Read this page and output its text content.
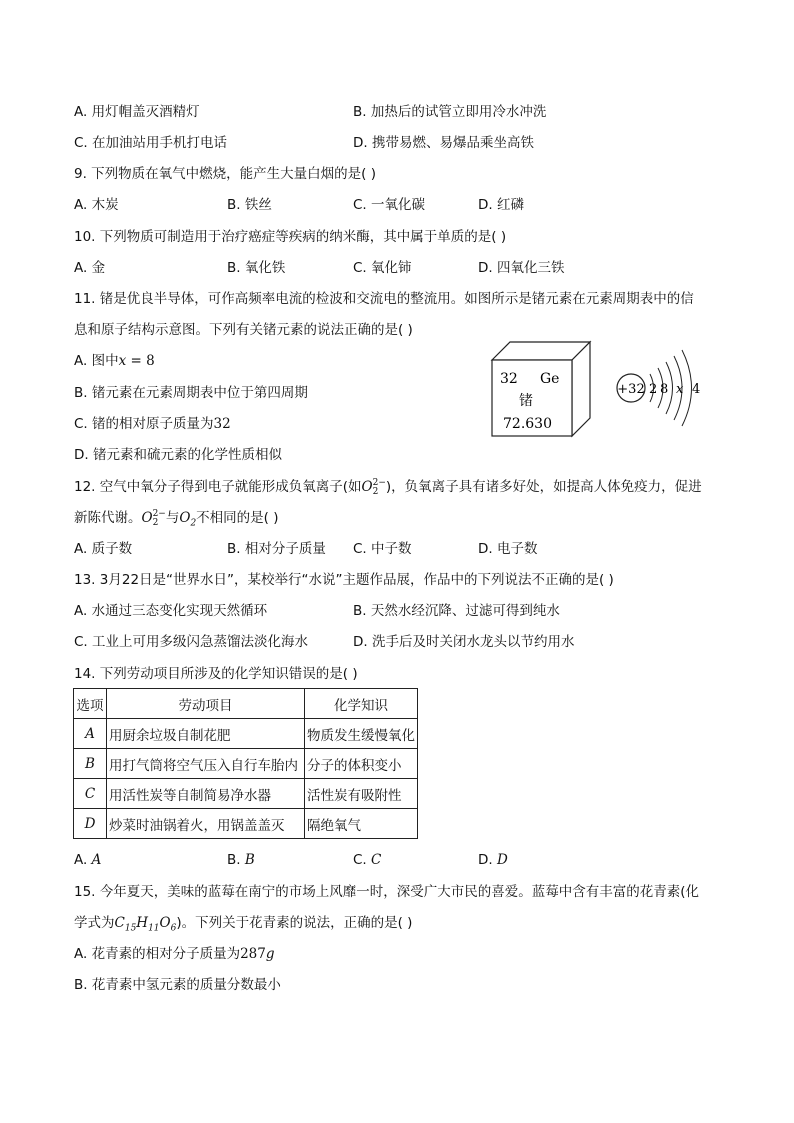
A. 用灯帽盖灭酒精灯	B. 加热后的试管立即用冷水冲洗
C. 在加油站用手机打电话	D. 携带易燃、易爆品乘坐高铁
9. 下列物质在氧气中燃烧，能产生大量白烟的是( )
A. 木炭	B. 铁丝	C. 一氧化碳	D. 红磷
10. 下列物质可制造用于治疗癌症等疾病的纳米酶，其中属于单质的是( )
A. 金	B. 氧化铁	C. 氧化铈	D. 四氧化三铁
11. 锗是优良半导体，可作高频率电流的检波和交流电的整流用。如图所示是锗元素在元素周期表中的信
息和原子结构示意图。下列有关锗元素的说法正确的是( )
A. 图中x = 8
B. 锗元素在元素周期表中位于第四周期
C. 锗的相对原子质量为32
D. 锗元素和硫元素的化学性质相似
32 Ge
锗
72.630
+32 2 8 x 4
12. 空气中氧分子得到电子就能形成负氧离子(如O 2−
2 )，负氧离子具有诸多好处，如提高人体免疫力，促进
新陈代谢。O 2−
2 与$O_2$不相同的是( )
A. 质子数	B. 相对分子质量 C. 中子数	D. 电子数
13. 3月22日是“世界水日”，某校举行“水说”主题作品展，作品中的下列说法不正确的是( )
A. 水通过三态变化实现天然循环	B. 天然水经沉降、过滤可得到纯水
C. 工业上可用多级闪急蒸馏法淡化海水	D. 洗手后及时关闭水龙头以节约用水
14. 下列劳动项目所涉及的化学知识错误的是( )
选项	劳动项目	化学知识
A	用厨余垃圾自制花肥	物质发生缓慢氧化
B	用打气筒将空气压入自行车胎内	分子的体积变小
C	用活性炭等自制简易净水器	活性炭有吸附性
D	炒菜时油锅着火，用锅盖盖灭	隔绝氧气
A. A	B. B	C. C	D. D
15. 今年夏天，美味的蓝莓在南宁的市场上风靡一时，深受广大市民的喜爱。蓝莓中含有丰富的花青素(化
学式为$C_{15}H_{11}O_6$)。下列关于花青素的说法，正确的是( )
A. 花青素的相对分子质量为287g
B. 花青素中氢元素的质量分数最小
